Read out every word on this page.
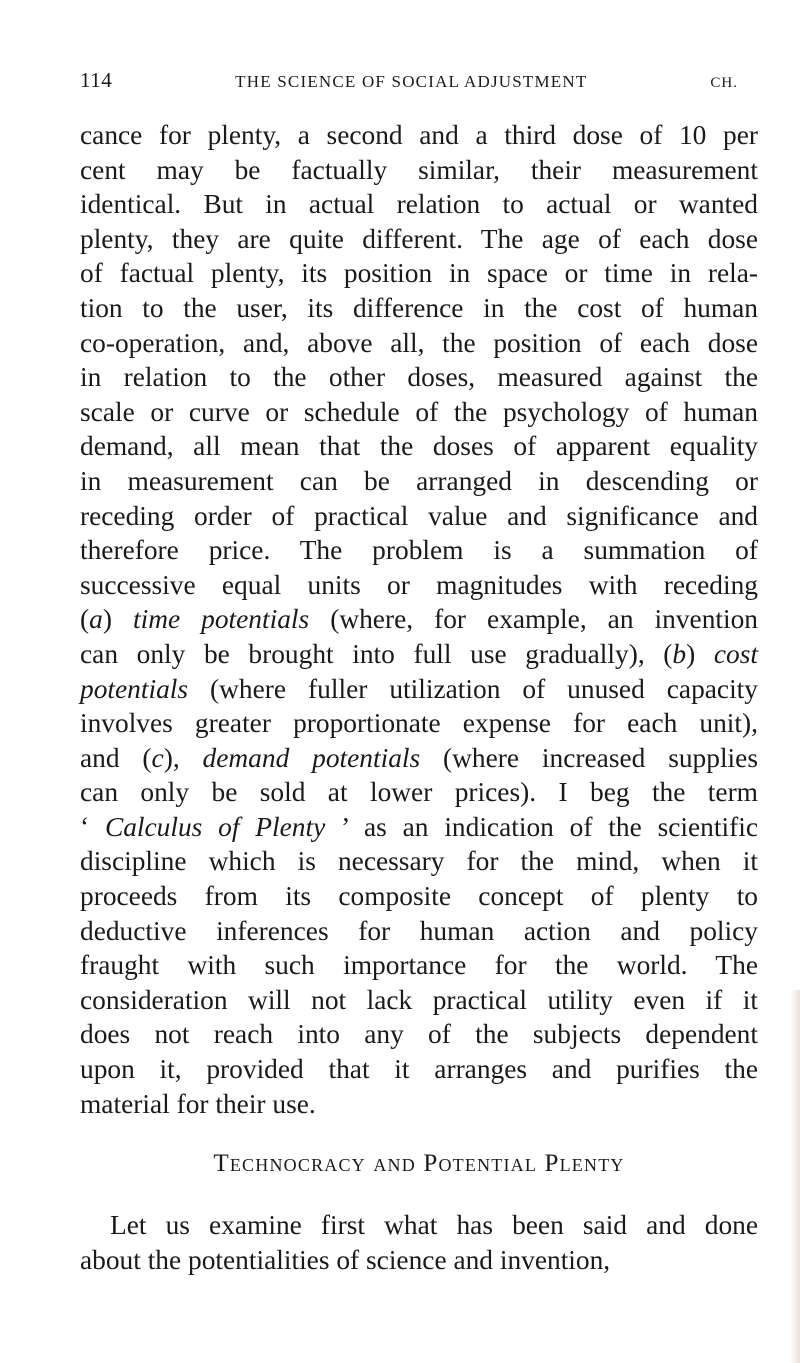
114	THE SCIENCE OF SOCIAL ADJUSTMENT	CH.
cance for plenty, a second and a third dose of 10 per
cent may be factually similar, their measurement
identical. But in actual relation to actual or wanted
plenty, they are quite different. The age of each dose
of factual plenty, its position in space or time in rela-
tion to the user, its difference in the cost of human
co-operation, and, above all, the position of each dose
in relation to the other doses, measured against the
scale or curve or schedule of the psychology of human
demand, all mean that the doses of apparent equality
in measurement can be arranged in descending or
receding order of practical value and significance and
therefore price. The problem is a summation of
successive equal units or magnitudes with receding
(a) time potentials (where, for example, an invention
can only be brought into full use gradually), (b) cost
potentials (where fuller utilization of unused capacity
involves greater proportionate expense for each unit),
and (c), demand potentials (where increased supplies
can only be sold at lower prices). I beg the term
‘ Calculus of Plenty ’ as an indication of the scientific
discipline which is necessary for the mind, when it
proceeds from its composite concept of plenty to
deductive inferences for human action and policy
fraught with such importance for the world. The
consideration will not lack practical utility even if it
does not reach into any of the subjects dependent
upon it, provided that it arranges and purifies the
material for their use.
Technocracy and Potential Plenty
Let us examine first what has been said and done
about the potentialities of science and invention,
